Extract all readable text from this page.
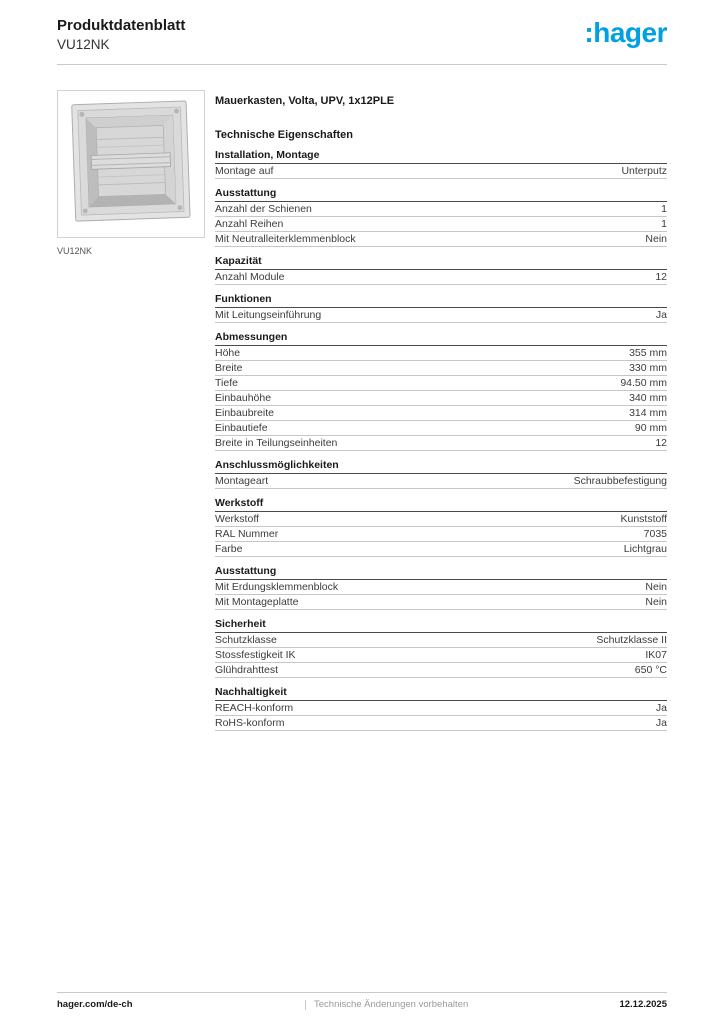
Produktdatenblatt
VU12NK	:hager
VU12NK
Mauerkasten, Volta, UPV, 1x12PLE
Technische Eigenschaften
Installation, Montage
Montage auf	Unterputz
Ausstattung
Anzahl der Schienen	1
Anzahl Reihen	1
Mit Neutralleiterklemmenblock	Nein
Kapazität
Anzahl Module	12
Funktionen
Mit Leitungseinführung	Ja
Abmessungen
Höhe	355 mm
Breite	330 mm
Tiefe	94.50 mm
Einbauhöhe	340 mm
Einbaubreite	314 mm
Einbautiefe	90 mm
Breite in Teilungseinheiten	12
Anschlussmöglichkeiten
Montageart	Schraubbefestigung
Werkstoff
Werkstoff	Kunststoff
RAL Nummer	7035
Farbe	Lichtgrau
Ausstattung
Mit Erdungsklemmenblock	Nein
Mit Montageplatte	Nein
Sicherheit
Schutzklasse	Schutzklasse II
Stossfestigkeit IK	IK07
Glühdrahttest	650 °C
Nachhaltigkeit
REACH-konform	Ja
RoHS-konform	Ja
hager.com/de-ch	Technische Änderungen vorbehalten	12.12.2025
